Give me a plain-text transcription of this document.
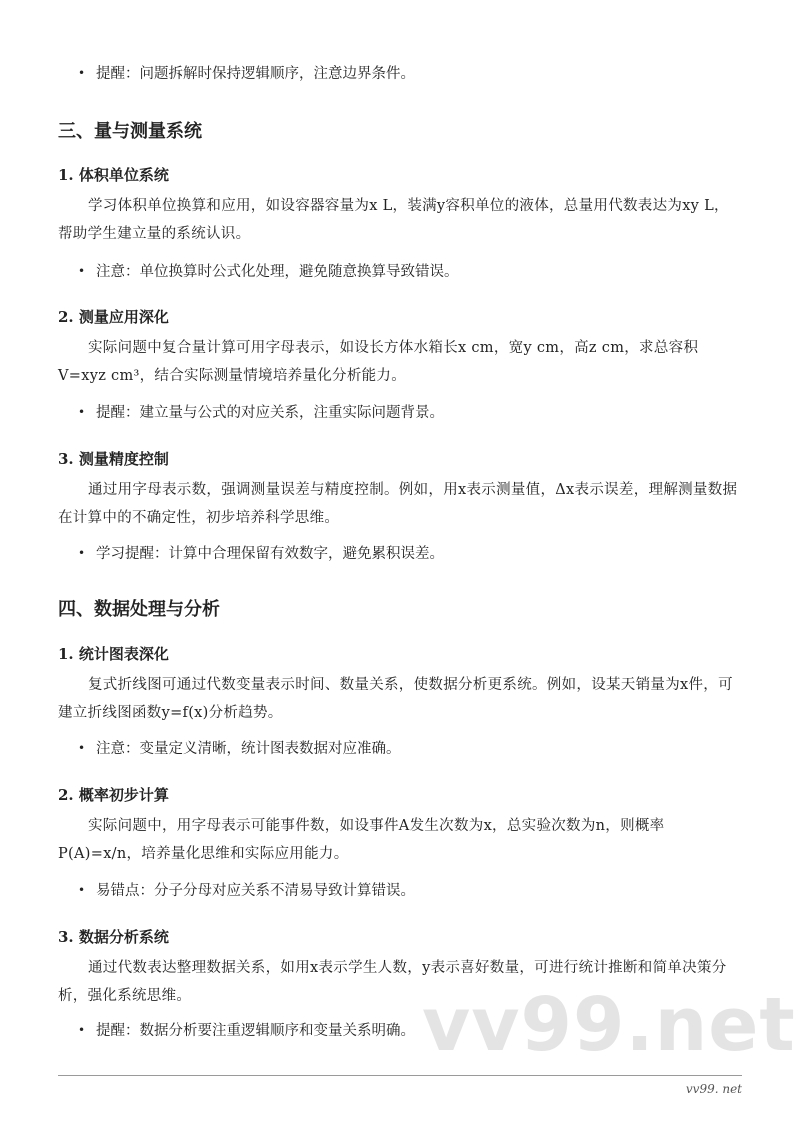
• 提醒：问题拆解时保持逻辑顺序，注意边界条件。
三、量与测量系统
1. 体积单位系统

学习体积单位换算和应用，如设容器容量为x L，装满y容积单位的液体，总量用代数表达为xy L，帮助学生建立量的系统认识。

• 注意：单位换算时公式化处理，避免随意换算导致错误。
2. 测量应用深化

实际问题中复合量计算可用字母表示，如设长方体水箱长x cm，宽y cm，高z cm，求总容积V=xyz cm³，结合实际测量情境培养量化分析能力。

• 提醒：建立量与公式的对应关系，注重实际问题背景。
3. 测量精度控制

通过用字母表示数，强调测量误差与精度控制。例如，用x表示测量值，Δx表示误差，理解测量数据在计算中的不确定性，初步培养科学思维。

• 学习提醒：计算中合理保留有效数字，避免累积误差。
四、数据处理与分析
1. 统计图表深化

复式折线图可通过代数变量表示时间、数量关系，使数据分析更系统。例如，设某天销量为x件，可建立折线图函数y=f(x)分析趋势。

• 注意：变量定义清晰，统计图表数据对应准确。
2. 概率初步计算

实际问题中，用字母表示可能事件数，如设事件A发生次数为x，总实验次数为n，则概率P(A)=x/n，培养量化思维和实际应用能力。

• 易错点：分子分母对应关系不清易导致计算错误。
3. 数据分析系统
vv99.net

通过代数表达整理数据关系，如用x表示学生人数，y表示喜好数量，可进行统计推断和简单决策分析，强化系统思维。

• 提醒：数据分析要注重逻辑顺序和变量关系明确。
vv99. net
